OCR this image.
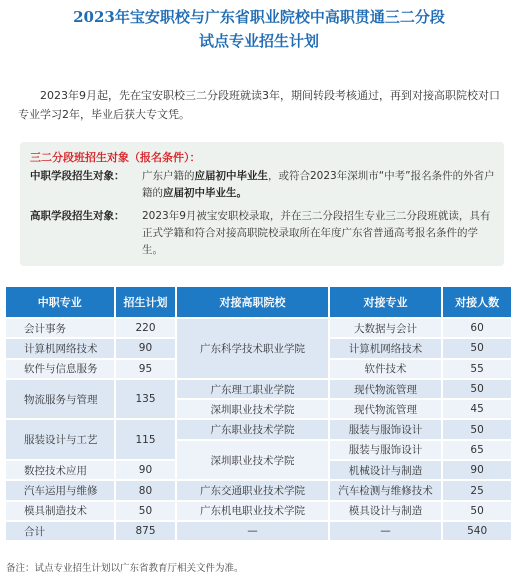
2023年宝安职校与广东省职业院校中高职贯通三二分段
试点专业招生计划
2023年9月起，先在宝安职校三二分段班就读3年，期间转段考核通过，再到对接高职院校对口专业学习2年，毕业后获大专文凭。
三二分段班招生对象（报名条件）：
中职学段招生对象：	广东户籍的应届初中毕业生，或符合2023年深圳市“中考”报名条件的外省户籍的应届初中毕业生。
高职学段招生对象：	2023年9月被宝安职校录取，并在三二分段招生专业三二分段班就读，具有正式学籍和符合对接高职院校录取所在年度广东省普通高考报名条件的学生。
中职专业	招生计划	对接高职院校	对接专业	对接人数
会计事务	220	广东科学技术职业学院	大数据与会计	60
计算机网络技术	90		计算机网络技术	50
软件与信息服务	95		软件技术	55
物流服务与管理	135	广东理工职业学院	现代物流管理	50
		深圳职业技术学院	现代物流管理	45
服装设计与工艺	115	广东职业技术学院	服装与服饰设计	50
		深圳职业技术学院	服装与服饰设计	65
数控技术应用	90		机械设计与制造	90
汽车运用与维修	80	广东交通职业技术学院	汽车检测与维修技术	25
模具制造技术	50	广东机电职业技术学院	模具设计与制造	50
合计	875	—	—	540
备注：试点专业招生计划以广东省教育厅相关文件为准。
